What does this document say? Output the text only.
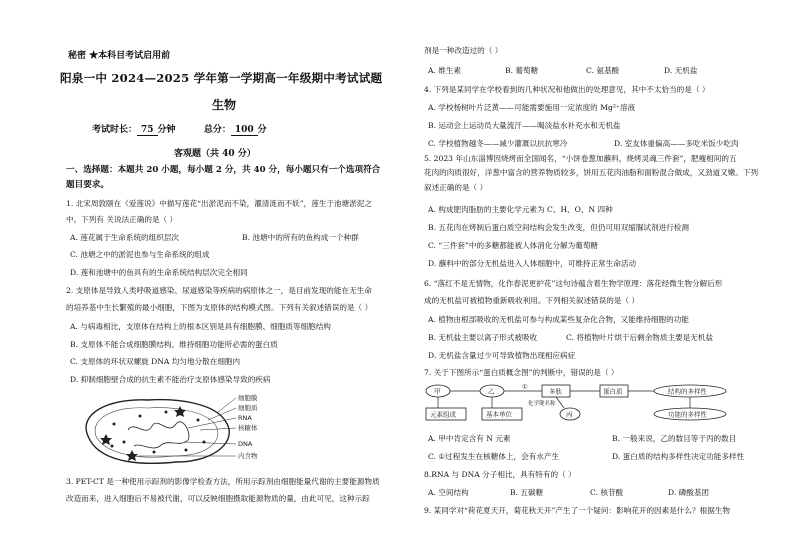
秘密 ★本科目考试启用前
阳泉一中 2024—2025 学年第一学期高一年级期中考试试题
生物
考试时长： 75 分钟	总分： 100 分
客观题（共 40 分）
一、选择题：本题共 20 小题，每小题 2 分，共 40 分，每小题只有一个选项符合
题目要求。
1. 北宋周敦颐在《爱莲说》中描写莲花“出淤泥而不染，濯清涟而不妖”，莲生于池塘淤泥之
中。下列有 关说法正确的是（ ）
A. 莲花属于生命系统的组织层次	B. 池塘中的所有的鱼构成一个种群
C. 池塘之中的淤泥也参与生命系统的组成
D. 莲和池塘中的鱼具有的生命系统结构层次完全相同
2. 支原体是导致人类呼吸道感染、尿道感染等疾病的病原体之一，是目前发现的能在无生命
的培养基中生长繁殖的最小细胞，下图为支原体的结构模式图。下列有关叙述错误的是（ ）
A. 与病毒相比，支原体在结构上的根本区别是具有细胞膜、细胞质等细胞结构
B. 支原体不能合成细胞膜结构、维持细胞功能所必需的蛋白质
C. 支原体的环状双螺旋 DNA 均匀地分散在细胞内
D. 抑制细胞壁合成的抗生素不能治疗支原体感染导致的疾病
细胞膜
细胞质
RNA
核糖体
DNA
内含物
3. PET-CT 是一种使用示踪剂的影像学检查方法，所用示踪剂由细胞能量代谢的主要能源物质
改造而来，进入细胞后不易被代谢，可以反映细胞摄取能源物质的量，由此可见，这种示踪
剂是一种改造过的（ ）
A. 维生素	B. 葡萄糖	C. 氨基酸	D. 无机盐
4. 下列是某同学在学校看到的几种状况和他做出的处理意见，其中不太恰当的是（ ）
A. 学校杨树叶片泛黄——可能需要施用一定浓度的 Mg²⁺溶液
B. 运动会上运动员大量流汗——喝淡盐水补充水和无机盐
C. 学校植物越冬——减少灌溉以抗抗寒冷	D. 室友体重偏高——多吃米饭少吃肉
5. 2023 年山东淄博因烧烤而全国闻名，“小饼卷葱加蘸料，烧烤灵魂三件套”，肥瘦相间的五
花肉的肉质很好，洋葱中富含的营养物质较多，饼用五花肉油脂和面粉混合做成，又劲道又嫩。下列
叙述正确的是（ ）
A. 构成肥肉脂肪的主要化学元素为 C、H、O、N 四种
B. 五花肉在烤制后蛋白质空间结构会发生改变，但仍可用双缩脲试剂进行检测
C. “三件套”中的多糖都能被人体消化分解为葡萄糖
D. 蘸料中的部分无机盐进入人体细胞中，可维持正常生命活动
6. “落红不是无情物，化作春泥更护花”这句诗蕴含着生物学原理：落花经微生物分解后形
成的无机盐可被植物重新吸收利用。下列相关叙述错误的是（ ）
A. 植物由根部吸收的无机盐可参与构成某些复杂化合物，又能维持细胞的功能
B. 无机盐主要以离子形式被吸收	C. 将植物叶片烘干后剩余物质主要是无机盐
D. 无机盐含量过少可导致植物出现相应病症
7. 关于下图所示“蛋白质概念图”的判断中，错误的是（ ）
甲	乙
①
多肽	蛋白质	结构的多样性
元素组成	基本单位
化学键名称
丙	功能的多样性
A. 甲中肯定含有 N 元素	B. 一般来说，乙的数目等于丙的数目
C. ①过程发生在核糖体上，会有水产生	D. 蛋白质的结构多样性决定功能多样性
8.RNA 与 DNA 分子相比，具有特有的（ ）
A. 空间结构	B. 五碳糖	C. 核苷酸	D. 磷酸基团
9. 某同学对“荷花夏天开，菊花秋天开”产生了一个疑问：影响花开的因素是什么？根据生物
